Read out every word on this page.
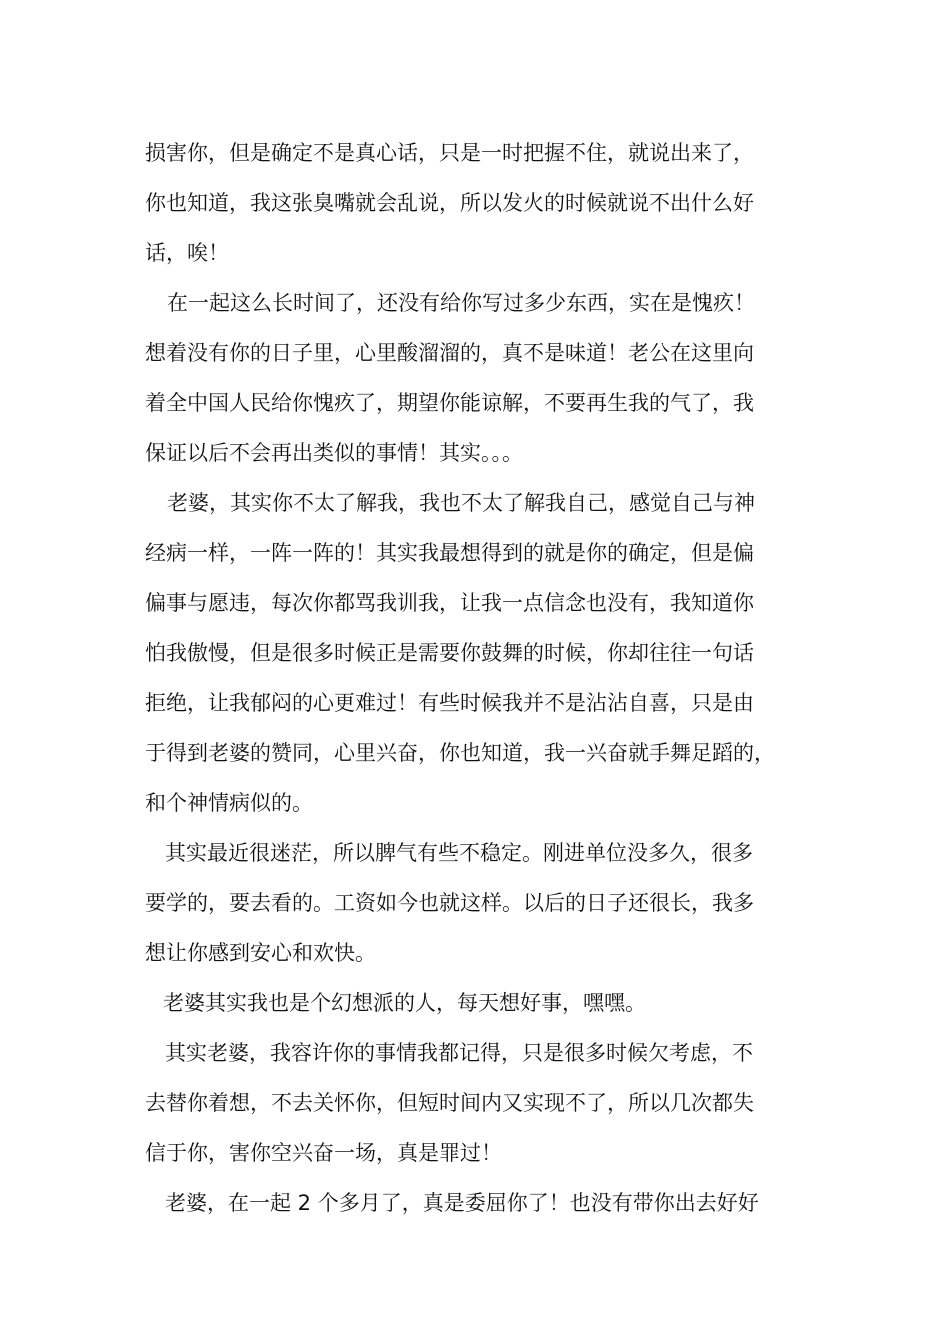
损害你，但是确定不是真心话，只是一时把握不住，就说出来了，
你也知道，我这张臭嘴就会乱说，所以发火的时候就说不出什么好
话，唉！
在一起这么长时间了，还没有给你写过多少东西，实在是愧疚！
想着没有你的日子里，心里酸溜溜的，真不是味道！老公在这里向
着全中国人民给你愧疚了，期望你能谅解，不要再生我的气了，我
保证以后不会再出类似的事情！其实。。。
老婆，其实你不太了解我，我也不太了解我自己，感觉自己与神
经病一样，一阵一阵的！其实我最想得到的就是你的确定，但是偏
偏事与愿违，每次你都骂我训我，让我一点信念也没有，我知道你
怕我傲慢，但是很多时候正是需要你鼓舞的时候，你却往往一句话
拒绝，让我郁闷的心更难过！有些时候我并不是沾沾自喜，只是由
于得到老婆的赞同，心里兴奋，你也知道，我一兴奋就手舞足蹈的，
和个神情病似的。
其实最近很迷茫，所以脾气有些不稳定。刚进单位没多久，很多
要学的，要去看的。工资如今也就这样。以后的日子还很长，我多
想让你感到安心和欢快。
老婆其实我也是个幻想派的人，每天想好事，嘿嘿。
其实老婆，我容许你的事情我都记得，只是很多时候欠考虑，不
去替你着想，不去关怀你，但短时间内又实现不了，所以几次都失
信于你，害你空兴奋一场，真是罪过！
老婆，在一起 2 个多月了，真是委屈你了！也没有带你出去好好
